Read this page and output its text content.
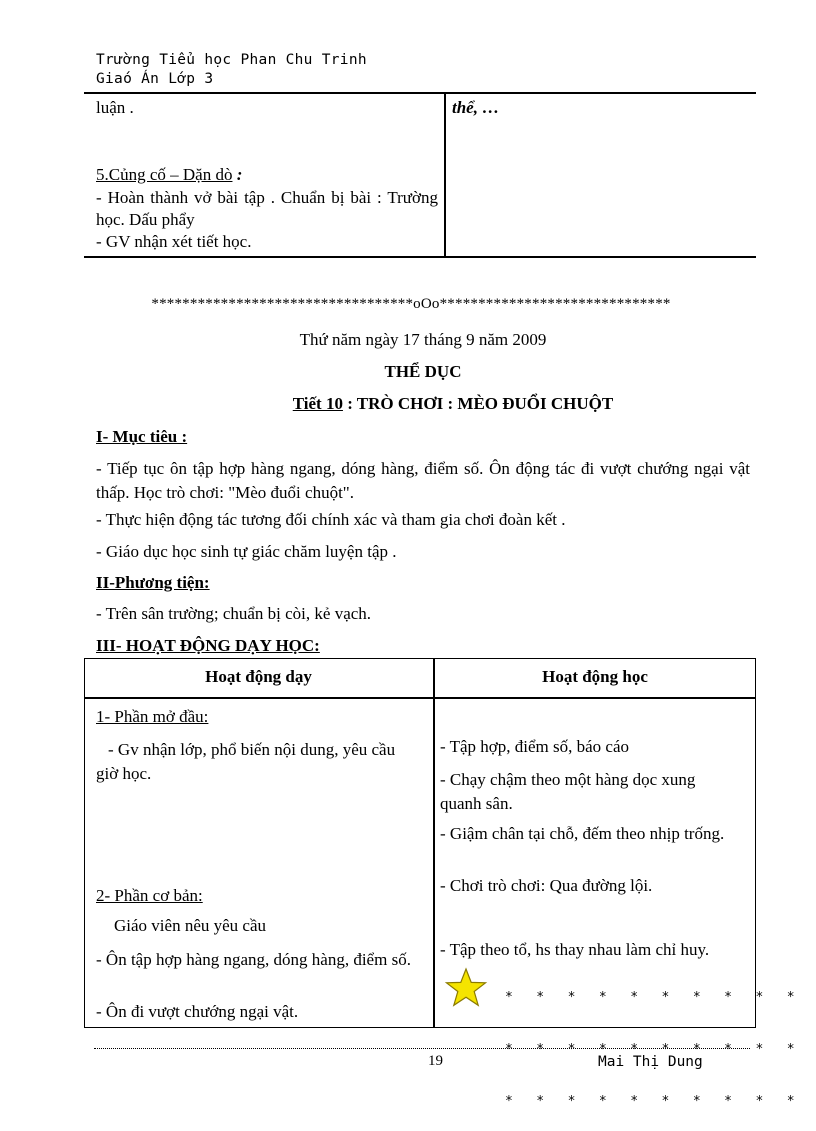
Trường Tiểu học Phan Chu Trinh
Giaó Án Lớp 3
luận .
5.Củng cố – Dặn dò :
- Hoàn thành vở bài tập . Chuẩn bị bài : Trường học. Dấu phẩy
- GV nhận xét tiết học.
thể, …
**********************************oOo******************************
Thứ năm ngày 17 tháng 9 năm 2009
THỂ DỤC
Tiết 10 : TRÒ CHƠI : MÈO ĐUỔI CHUỘT
I- Mục tiêu :
- Tiếp tục ôn tập hợp hàng ngang, dóng hàng, điểm số. Ôn động tác đi vượt chướng ngại vật thấp. Học trò chơi: "Mèo đuổi chuột".
- Thực hiện động tác tương đối chính xác và tham gia chơi đoàn kết .
- Giáo dục học sinh tự giác chăm luyện tập .
II-Phương tiện:
- Trên sân trường; chuẩn bị còi, kẻ vạch.
III- HOẠT ĐỘNG DẠY HỌC:
Hoạt động dạy	Hoạt động học
1- Phần mở đầu:
- Gv nhận lớp, phổ biến nội dung, yêu cầu giờ học.
2- Phần cơ bản:
Giáo viên nêu yêu cầu
- Ôn tập hợp hàng ngang, dóng hàng, điểm số.
- Ôn đi vượt chướng ngại vật.
- Tập hợp, điểm số, báo cáo
- Chạy chậm theo một hàng dọc xung quanh sân.
- Giậm chân tại chỗ, đếm theo nhịp trống.
- Chơi trò chơi: Qua đường lội.
- Tập theo tổ, hs thay nhau làm chỉ huy.

*   *   *   *   *   *   *   *   *   *

*   *   *   *   *   *   *   *   *   *

*   *   *   *   *   *   *   *   *   *

19	Mai Thị Dung
